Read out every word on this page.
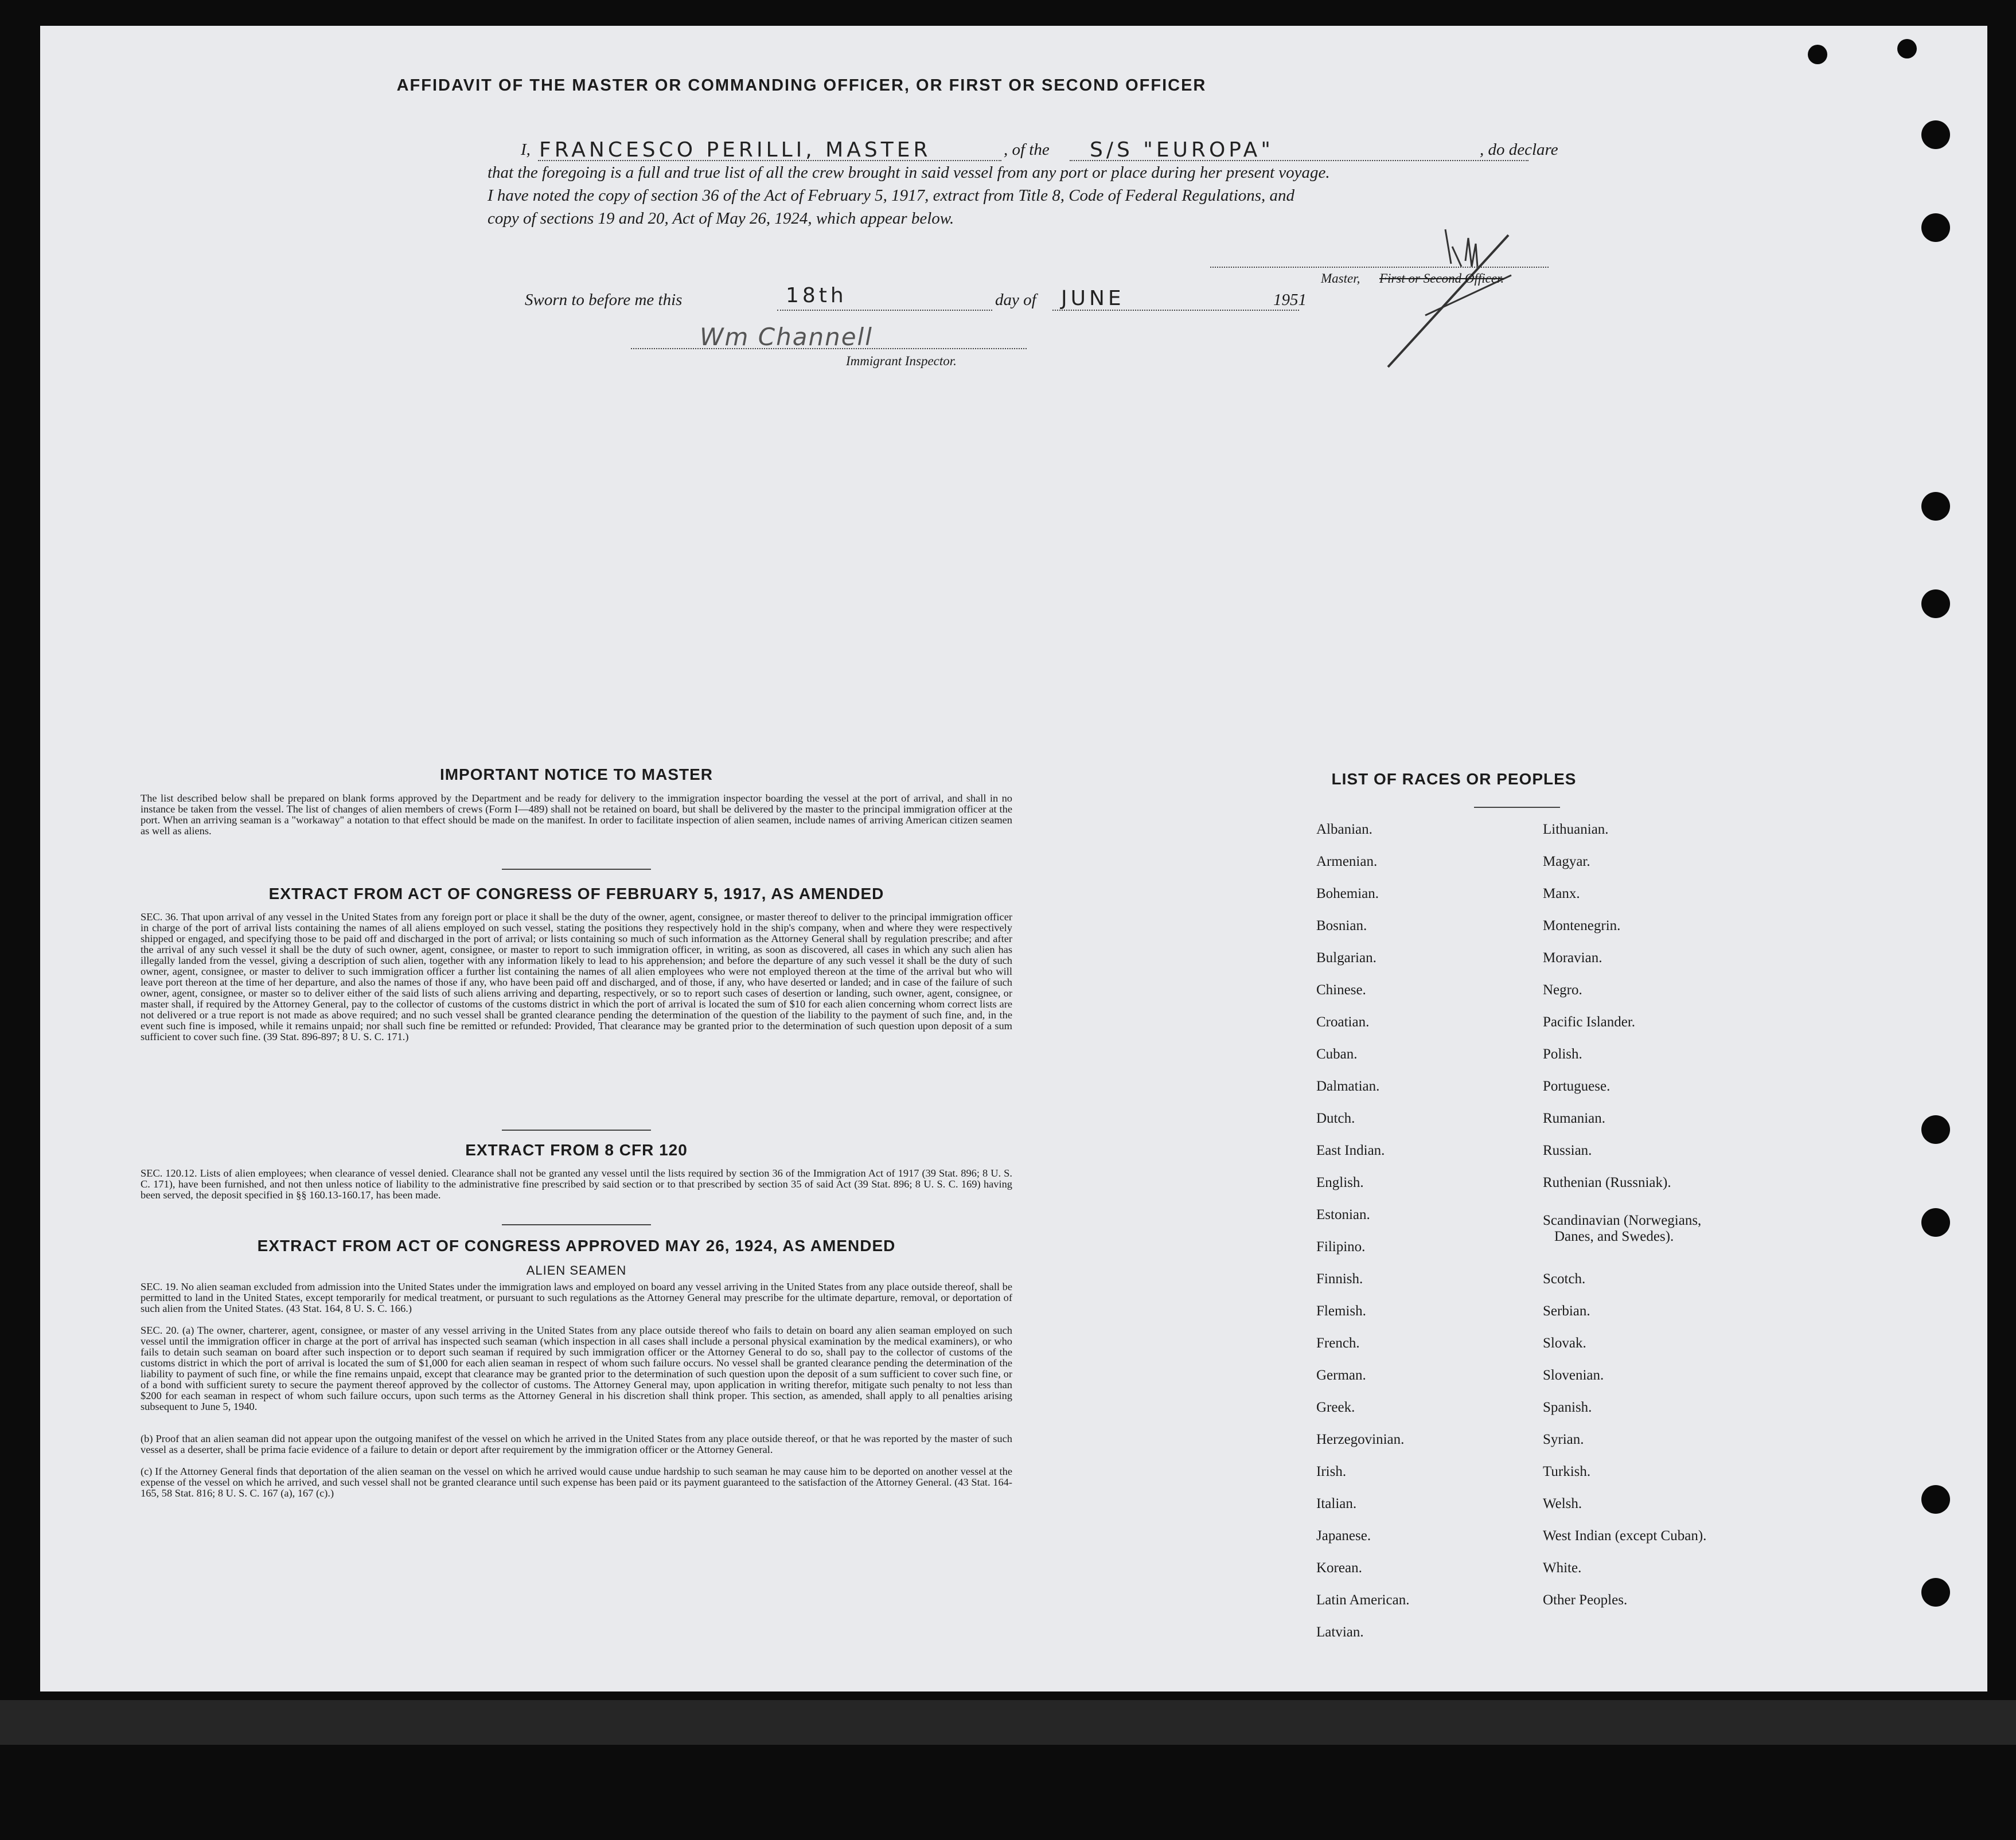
AFFIDAVIT OF THE MASTER OR COMMANDING OFFICER, OR FIRST OR SECOND OFFICER
I, FRANCESCO PERILLI, MASTER	, of the S/S "EUROPA"	, do declare
that the foregoing is a full and true list of all the crew brought in said vessel from any port or place during her present voyage.
I have noted the copy of section 36 of the Act of February 5, 1917, extract from Title 8, Code of Federal Regulations, and
copy of sections 19 and 20, Act of May 26, 1924, which appear below.
Master, First or Second Officer.
Sworn to before me this	18th	day of JUNE	1951
Wm Channell
Immigrant Inspector.
IMPORTANT NOTICE TO MASTER

The list described below shall be prepared on blank forms approved by the Department and be ready for delivery to the immigration inspector boarding the vessel at the port of arrival, and shall in no instance be taken from the vessel. The list of changes of alien members of crews (Form I—489) shall not be retained on board, but shall be delivered by the master to the principal immigration officer at the port. When an arriving seaman is a "workaway" a notation to that effect should be made on the manifest. In order to facilitate inspection of alien seamen, include names of arriving American citizen seamen as well as aliens.

EXTRACT FROM ACT OF CONGRESS OF FEBRUARY 5, 1917, AS AMENDED

SEC. 36. That upon arrival of any vessel in the United States from any foreign port or place it shall be the duty of the owner, agent, consignee, or master thereof to deliver to the principal immigration officer in charge of the port of arrival lists containing the names of all aliens employed on such vessel, stating the positions they respectively hold in the ship's company, when and where they were respectively shipped or engaged, and specifying those to be paid off and discharged in the port of arrival; or lists containing so much of such information as the Attorney General shall by regulation prescribe; and after the arrival of any such vessel it shall be the duty of such owner, agent, consignee, or master to report to such immigration officer, in writing, as soon as discovered, all cases in which any such alien has illegally landed from the vessel, giving a description of such alien, together with any information likely to lead to his apprehension; and before the departure of any such vessel it shall be the duty of such owner, agent, consignee, or master to deliver to such immigration officer a further list containing the names of all alien employees who were not employed thereon at the time of the arrival but who will leave port thereon at the time of her departure, and also the names of those if any, who have been paid off and discharged, and of those, if any, who have deserted or landed; and in case of the failure of such owner, agent, consignee, or master so to deliver either of the said lists of such aliens arriving and departing, respectively, or so to report such cases of desertion or landing, such owner, agent, consignee, or master shall, if required by the Attorney General, pay to the collector of customs of the customs district in which the port of arrival is located the sum of $10 for each alien concerning whom correct lists are not delivered or a true report is not made as above required; and no such vessel shall be granted clearance pending the determination of the question of the liability to the payment of such fine, and, in the event such fine is imposed, while it remains unpaid; nor shall such fine be remitted or refunded: Provided, That clearance may be granted prior to the determination of such question upon deposit of a sum sufficient to cover such fine. (39 Stat. 896-897; 8 U. S. C. 171.)

EXTRACT FROM 8 CFR 120

SEC. 120.12. Lists of alien employees; when clearance of vessel denied. Clearance shall not be granted any vessel until the lists required by section 36 of the Immigration Act of 1917 (39 Stat. 896; 8 U. S. C. 171), have been furnished, and not then unless notice of liability to the administrative fine prescribed by said section or to that prescribed by section 35 of said Act (39 Stat. 896; 8 U. S. C. 169) having been served, the deposit specified in §§ 160.13-160.17, has been made.

EXTRACT FROM ACT OF CONGRESS APPROVED MAY 26, 1924, AS AMENDED
ALIEN SEAMEN

SEC. 19. No alien seaman excluded from admission into the United States under the immigration laws and employed on board any vessel arriving in the United States from any place outside thereof, shall be permitted to land in the United States, except temporarily for medical treatment, or pursuant to such regulations as the Attorney General may prescribe for the ultimate departure, removal, or deportation of such alien from the United States. (43 Stat. 164, 8 U. S. C. 166.)

SEC. 20. (a) The owner, charterer, agent, consignee, or master of any vessel arriving in the United States from any place outside thereof who fails to detain on board any alien seaman employed on such vessel until the immigration officer in charge at the port of arrival has inspected such seaman (which inspection in all cases shall include a personal physical examination by the medical examiners), or who fails to detain such seaman on board after such inspection or to deport such seaman if required by such immigration officer or the Attorney General to do so, shall pay to the collector of customs of the customs district in which the port of arrival is located the sum of $1,000 for each alien seaman in respect of whom such failure occurs. No vessel shall be granted clearance pending the determination of the liability to payment of such fine, or while the fine remains unpaid, except that clearance may be granted prior to the determination of such question upon the deposit of a sum sufficient to cover such fine, or of a bond with sufficient surety to secure the payment thereof approved by the collector of customs. The Attorney General may, upon application in writing therefor, mitigate such penalty to not less than $200 for each seaman in respect of whom such failure occurs, upon such terms as the Attorney General in his discretion shall think proper. This section, as amended, shall apply to all penalties arising subsequent to June 5, 1940.

(b) Proof that an alien seaman did not appear upon the outgoing manifest of the vessel on which he arrived in the United States from any place outside thereof, or that he was reported by the master of such vessel as a deserter, shall be prima facie evidence of a failure to detain or deport after requirement by the immigration officer or the Attorney General.

(c) If the Attorney General finds that deportation of the alien seaman on the vessel on which he arrived would cause undue hardship to such seaman he may cause him to be deported on another vessel at the expense of the vessel on which he arrived, and such vessel shall not be granted clearance until such expense has been paid or its payment guaranteed to the satisfaction of the Attorney General. (43 Stat. 164-165, 58 Stat. 816; 8 U. S. C. 167 (a), 167 (c).)

LIST OF RACES OR PEOPLES
Albanian.
Armenian.
Bohemian.
Bosnian.
Bulgarian.
Chinese.
Croatian.
Cuban.
Dalmatian.
Dutch.
East Indian.
English.
Estonian.
Filipino.
Finnish.
Flemish.
French.
German.
Greek.
Herzegovinian.
Irish.
Italian.
Japanese.
Korean.
Latin American.
Latvian.
Lithuanian.
Magyar.
Manx.
Montenegrin.
Moravian.
Negro.
Pacific Islander.
Polish.
Portuguese.
Rumanian.
Russian.
Ruthenian (Russniak).
Scandinavian (Norwegians,
Danes, and Swedes).
Scotch.
Serbian.
Slovak.
Slovenian.
Spanish.
Syrian.
Turkish.
Welsh.
West Indian (except Cuban).
White.
Other Peoples.
